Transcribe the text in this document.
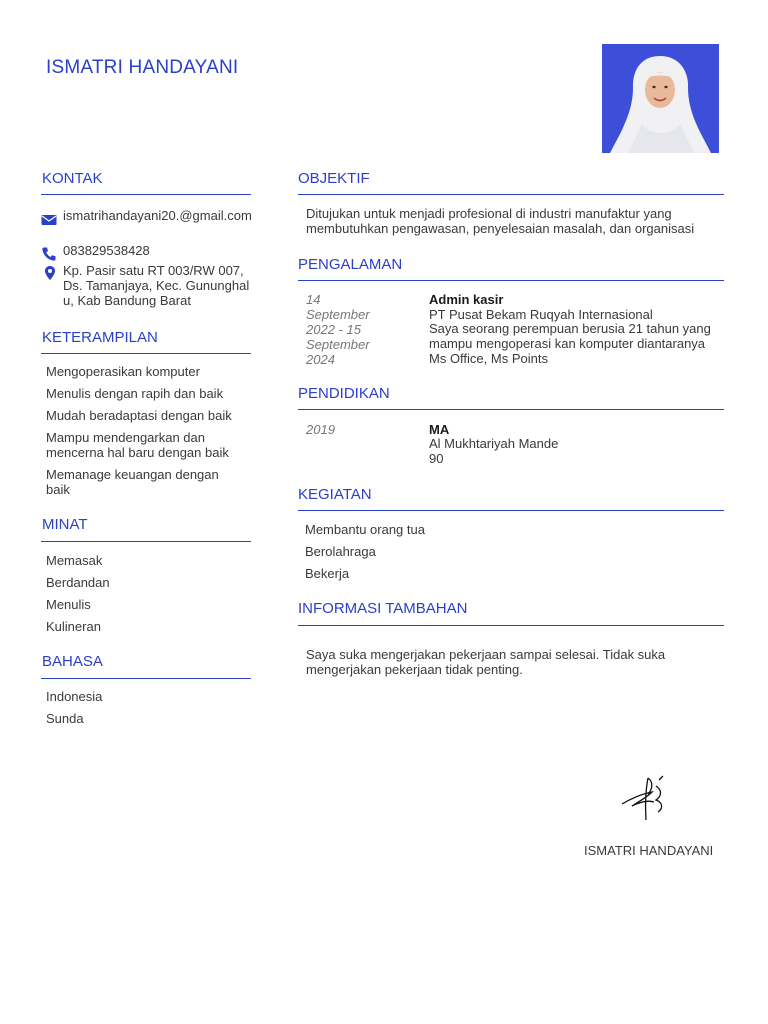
ISMATRI HANDAYANI
KONTAK
ismatrihandayani20.@gmail.com
083829538428
Kp. Pasir satu RT 003/RW 007, Ds. Tamanjaya, Kec. Gununghalu, Kab Bandung Barat
KETERAMPILAN
Mengoperasikan komputer
Menulis dengan rapih dan baik
Mudah beradaptasi dengan baik
Mampu mendengarkan dan mencerna hal baru dengan baik
Memanage keuangan dengan baik
MINAT
Memasak
Berdandan
Menulis
Kulineran
BAHASA
Indonesia
Sunda
OBJEKTIF
Ditujukan untuk menjadi profesional di industri manufaktur yang membutuhkan pengawasan, penyelesaian masalah, dan organisasi
PENGALAMAN
14 September 2022 - 15 September 2024
Admin kasir
PT Pusat Bekam Ruqyah Internasional
Saya seorang perempuan berusia 21 tahun yang mampu mengoperasi kan komputer diantaranya Ms Office, Ms Points
PENDIDIKAN
2019	MA
Al Mukhtariyah Mande
90
KEGIATAN
Membantu orang tua
Berolahraga
Bekerja
INFORMASI TAMBAHAN
Saya suka mengerjakan pekerjaan sampai selesai. Tidak suka mengerjakan pekerjaan tidak penting.
ISMATRI HANDAYANI
